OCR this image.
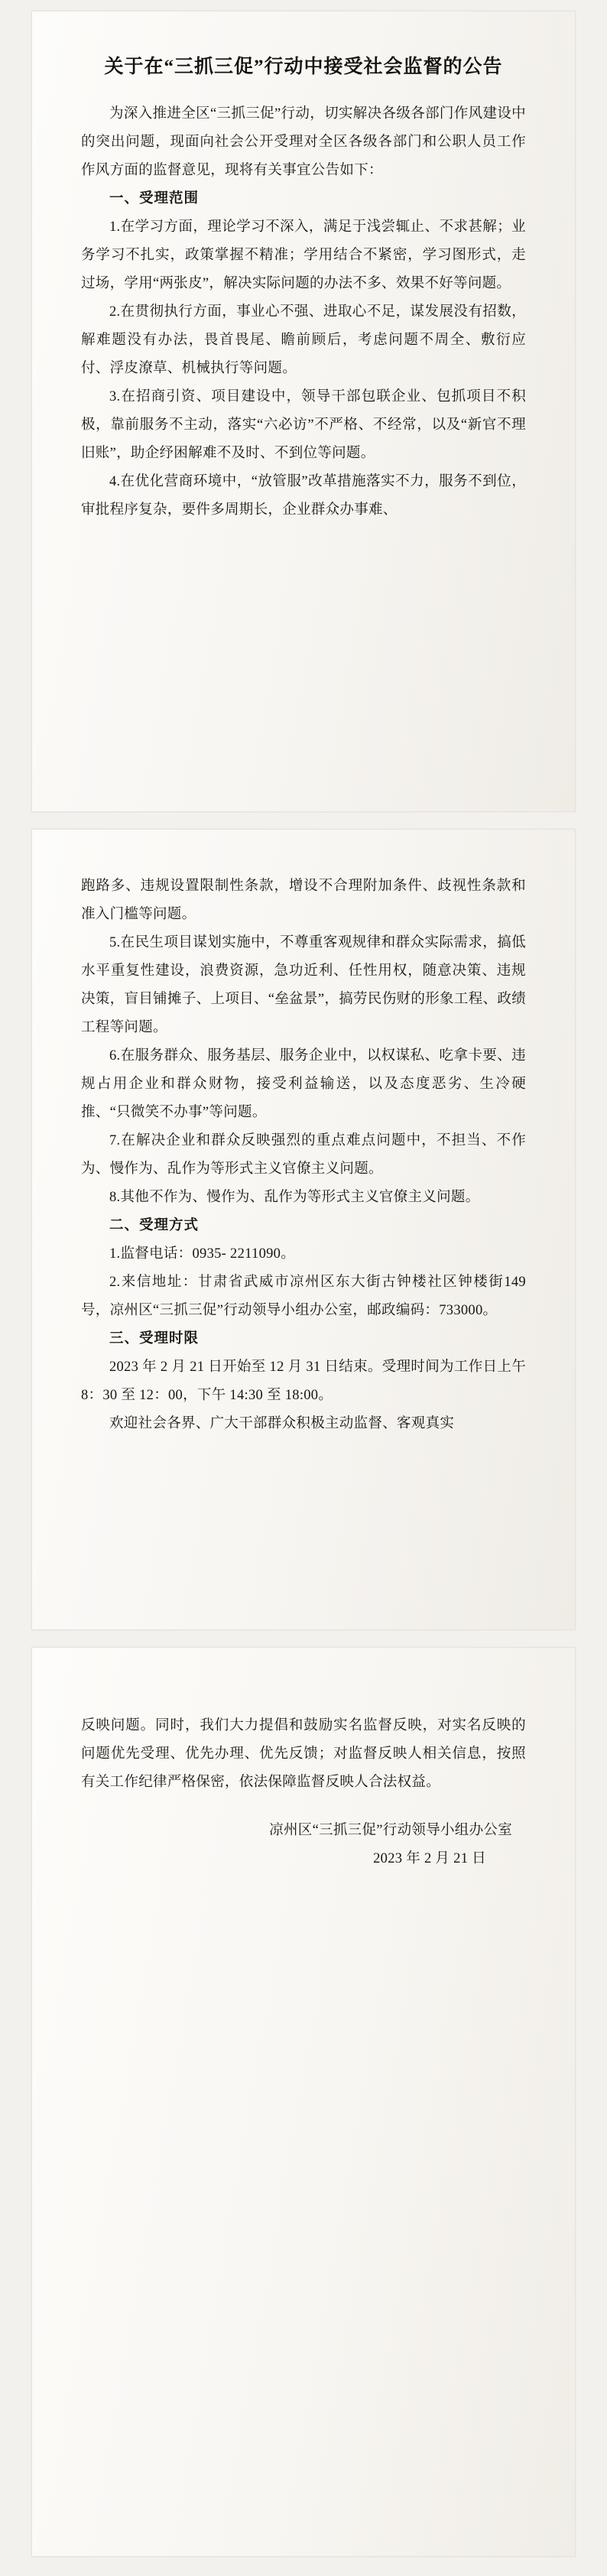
关于在“三抓三促”行动中接受社会监督的公告

为深入推进全区“三抓三促”行动，切实解决各级各部门作风建设中的突出问题，现面向社会公开受理对全区各级各部门和公职人员工作作风方面的监督意见，现将有关事宜公告如下：

一、受理范围

1.在学习方面，理论学习不深入，满足于浅尝辄止、不求甚解；业务学习不扎实，政策掌握不精准；学用结合不紧密，学习图形式，走过场，学用“两张皮”，解决实际问题的办法不多、效果不好等问题。

2.在贯彻执行方面，事业心不强、进取心不足，谋发展没有招数，解难题没有办法，畏首畏尾、瞻前顾后，考虑问题不周全、敷衍应付、浮皮潦草、机械执行等问题。

3.在招商引资、项目建设中，领导干部包联企业、包抓项目不积极，靠前服务不主动，落实“六必访”不严格、不经常，以及“新官不理旧账”，助企纾困解难不及时、不到位等问题。

4.在优化营商环境中，“放管服”改革措施落实不力，服务不到位，审批程序复杂，要件多周期长，企业群众办事难、

跑路多、违规设置限制性条款，增设不合理附加条件、歧视性条款和准入门槛等问题。

5.在民生项目谋划实施中，不尊重客观规律和群众实际需求，搞低水平重复性建设，浪费资源，急功近利、任性用权，随意决策、违规决策，盲目铺摊子、上项目、“垒盆景”，搞劳民伤财的形象工程、政绩工程等问题。

6.在服务群众、服务基层、服务企业中，以权谋私、吃拿卡要、违规占用企业和群众财物，接受利益输送，以及态度恶劣、生冷硬推、“只微笑不办事”等问题。

7.在解决企业和群众反映强烈的重点难点问题中，不担当、不作为、慢作为、乱作为等形式主义官僚主义问题。

8.其他不作为、慢作为、乱作为等形式主义官僚主义问题。

二、受理方式

1.监督电话：0935- 2211090。

2.来信地址：甘肃省武威市凉州区东大街古钟楼社区钟楼街149号，凉州区“三抓三促”行动领导小组办公室，邮政编码：733000。

三、受理时限

2023 年 2 月 21 日开始至 12 月 31 日结束。受理时间为工作日上午 8：30 至 12：00，下午 14:30 至 18:00。

欢迎社会各界、广大干部群众积极主动监督、客观真实

反映问题。同时，我们大力提倡和鼓励实名监督反映，对实名反映的问题优先受理、优先办理、优先反馈；对监督反映人相关信息，按照有关工作纪律严格保密，依法保障监督反映人合法权益。

凉州区“三抓三促”行动领导小组办公室

2023 年 2 月 21 日
